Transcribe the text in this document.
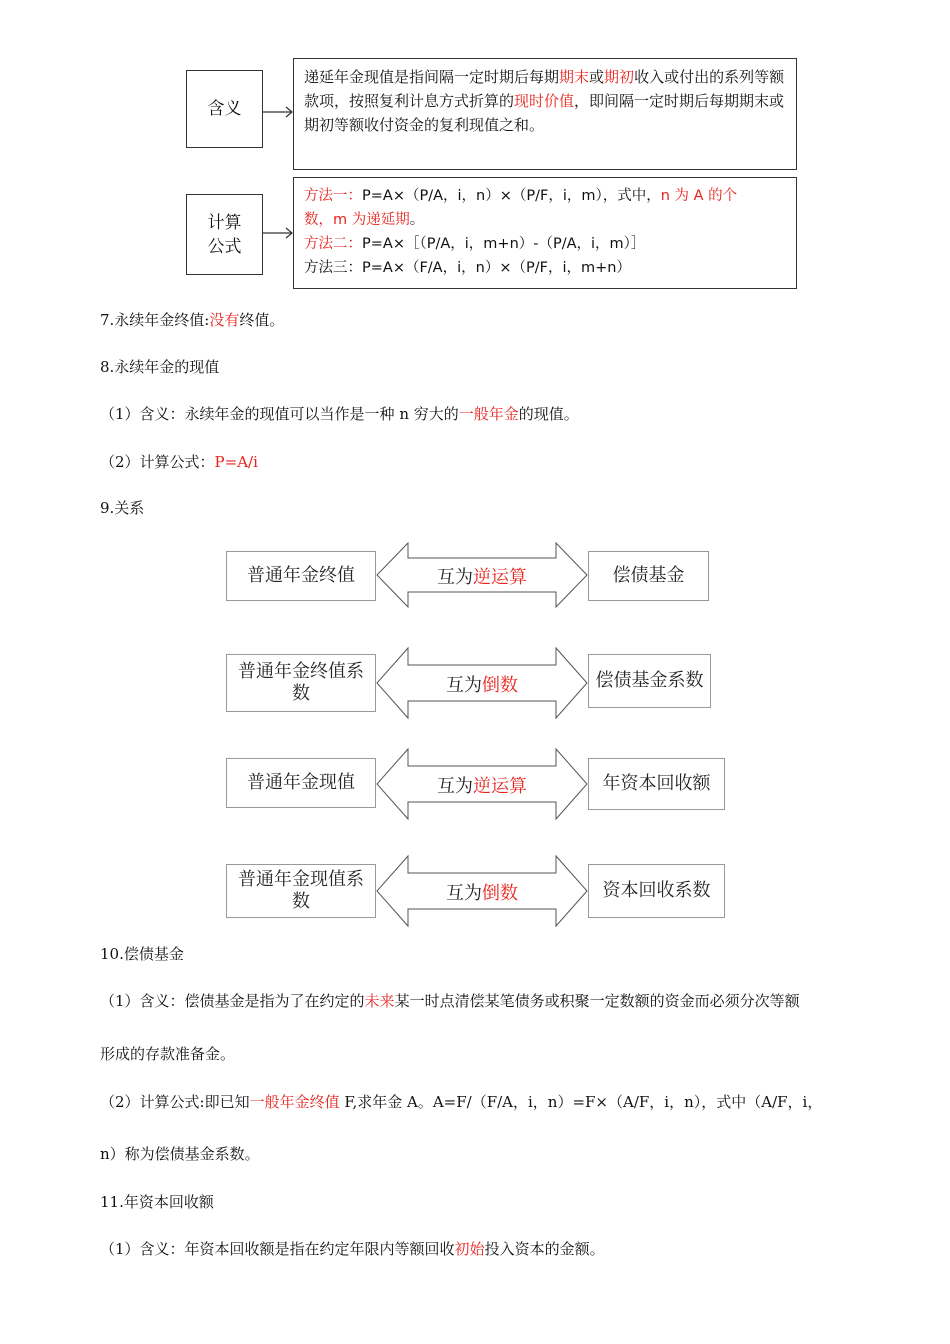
含义
递延年金现值是指间隔一定时期后每期期末或期初收入或付出的系列等额款项，按照复利计息方式折算的现时价值，即间隔一定时期后每期期末或期初等额收付资金的复利现值之和。
计算
公式
方法一：P=A×（P/A，i，n）×（P/F，i，m），式中，n 为 A 的个
数，m 为递延期。
方法二：P=A×［（P/A，i，m+n）-（P/A，i，m）］
方法三：P=A×（F/A，i，n）×（P/F，i，m+n）
7.永续年金终值:没有终值。
8.永续年金的现值
（1）含义：永续年金的现值可以当作是一种 n 穷大的一般年金的现值。
（2）计算公式：P=A/i
9.关系
普通年金终值	互为逆运算	偿债基金
普通年金终值系数	互为倒数	偿债基金系数
普通年金现值	互为逆运算	年资本回收额
普通年金现值系数	互为倒数	资本回收系数
10.偿债基金
（1）含义：偿债基金是指为了在约定的未来某一时点清偿某笔债务或积聚一定数额的资金而必须分次等额
形成的存款准备金。
（2）计算公式:即已知一般年金终值 F,求年金 A。A=F/（F/A，i，n）=F×（A/F，i，n），式中（A/F，i，
n）称为偿债基金系数。
11.年资本回收额
（1）含义：年资本回收额是指在约定年限内等额回收初始投入资本的金额。
